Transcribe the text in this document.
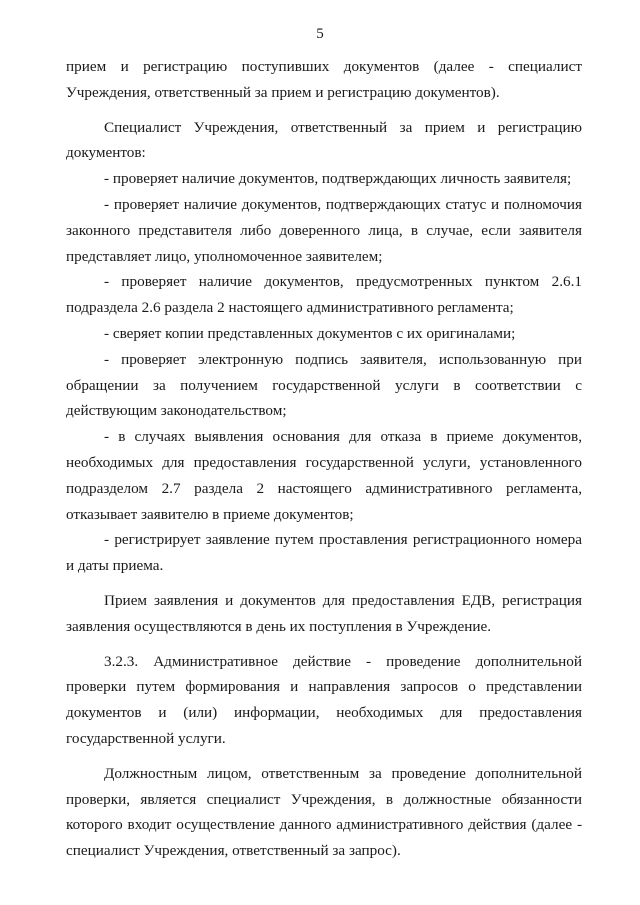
5

прием и регистрацию поступивших документов (далее - специалист Учреждения, ответственный за прием и регистрацию документов).

Специалист Учреждения, ответственный за прием и регистрацию документов:

- проверяет наличие документов, подтверждающих личность заявителя;

- проверяет наличие документов, подтверждающих статус и полномочия законного представителя либо доверенного лица, в случае, если заявителя представляет лицо, уполномоченное заявителем;

- проверяет наличие документов, предусмотренных пунктом 2.6.1 подраздела 2.6 раздела 2 настоящего административного регламента;

- сверяет копии представленных документов с их оригиналами;

- проверяет электронную подпись заявителя, использованную при обращении за получением государственной услуги в соответствии с действующим законодательством;

- в случаях выявления основания для отказа в приеме документов, необходимых для предоставления государственной услуги, установленного подразделом 2.7 раздела 2 настоящего административного регламента, отказывает заявителю в приеме документов;

- регистрирует заявление путем проставления регистрационного номера и даты приема.

Прием заявления и документов для предоставления ЕДВ, регистрация заявления осуществляются в день их поступления в Учреждение.

3.2.3. Административное действие - проведение дополнительной проверки путем формирования и направления запросов о представлении документов и (или) информации, необходимых для предоставления государственной услуги.

Должностным лицом, ответственным за проведение дополнительной проверки, является специалист Учреждения, в должностные обязанности которого входит осуществление данного административного действия (далее - специалист Учреждения, ответственный за запрос).
